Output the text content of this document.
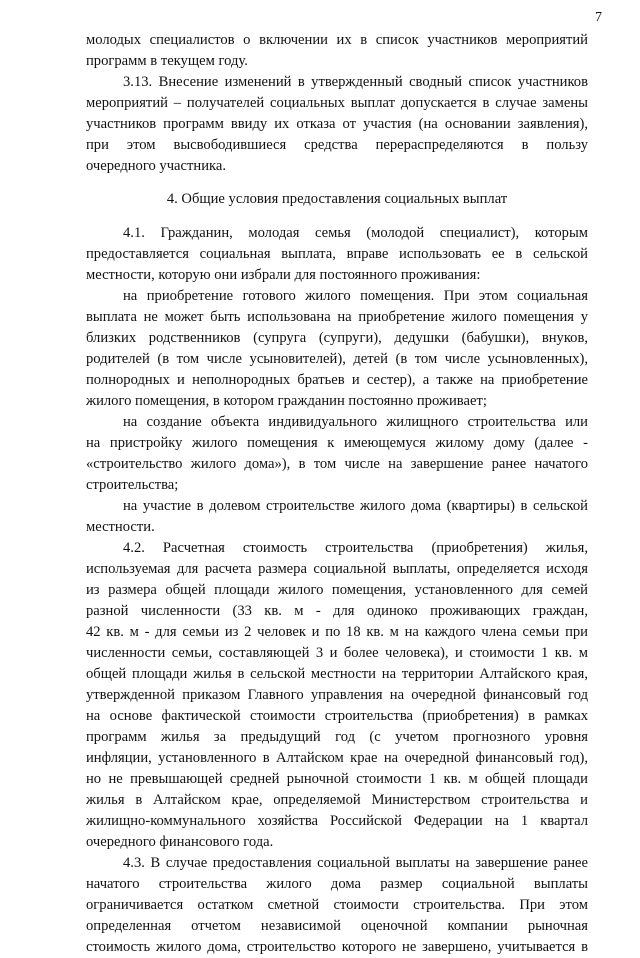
7
молодых специалистов о включении их в список участников мероприятий
программ в текущем году.
3.13. Внесение изменений в утвержденный сводный список участников
мероприятий – получателей социальных выплат допускается в случае замены
участников программ ввиду их отказа от участия (на основании заявления),
при этом высвободившиеся средства перераспределяются в пользу
очередного участника.
4. Общие условия предоставления социальных выплат
4.1. Гражданин, молодая семья (молодой специалист), которым
предоставляется социальная выплата, вправе использовать ее в сельской
местности, которую они избрали для постоянного проживания:
на приобретение готового жилого помещения. При этом социальная
выплата не может быть использована на приобретение жилого помещения у
близких родственников (супруга (супруги), дедушки (бабушки), внуков,
родителей (в том числе усыновителей), детей (в том числе усыновленных),
полнородных и неполнородных братьев и сестер), а также на приобретение
жилого помещения, в котором гражданин постоянно проживает;
на создание объекта индивидуального жилищного строительства или
на пристройку жилого помещения к имеющемуся жилому дому (далее -
«строительство жилого дома»), в том числе на завершение ранее начатого
строительства;
на участие в долевом строительстве жилого дома (квартиры) в сельской
местности.
4.2. Расчетная стоимость строительства (приобретения) жилья,
используемая для расчета размера социальной выплаты, определяется исходя
из размера общей площади жилого помещения, установленного для семей
разной численности (33 кв. м - для одиноко проживающих граждан,
42 кв. м - для семьи из 2 человек и по 18 кв. м на каждого члена семьи при
численности семьи, составляющей 3 и более человека), и стоимости 1 кв. м
общей площади жилья в сельской местности на территории Алтайского края,
утвержденной приказом Главного управления на очередной финансовый год
на основе фактической стоимости строительства (приобретения) в рамках
программ жилья за предыдущий год (с учетом прогнозного уровня
инфляции, установленного в Алтайском крае на очередной финансовый год),
но не превышающей средней рыночной стоимости 1 кв. м общей площади
жилья в Алтайском крае, определяемой Министерством строительства и
жилищно-коммунального хозяйства Российской Федерации на 1 квартал
очередного финансового года.
4.3. В случае предоставления социальной выплаты на завершение ранее
начатого строительства жилого дома размер социальной выплаты
ограничивается остатком сметной стоимости строительства. При этом
определенная отчетом независимой оценочной компании рыночная
стоимость жилого дома, строительство которого не завершено, учитывается в
